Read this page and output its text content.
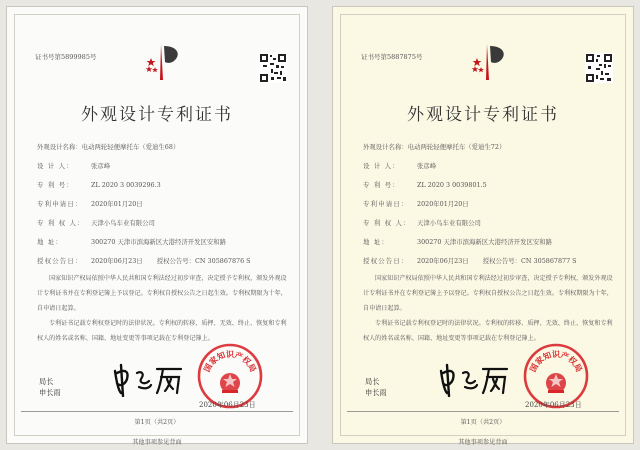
证书号第5899985号
外观设计专利证书
外观设计名称：电动两轮轻便摩托车（爱迪生68）
设 计 人：	张彦峰
专 利 号：	ZL 2020 3 0039296.3
专利申请日： 2020年01月20日
专 利 权 人： 天津小鸟车业有限公司
地 址：	300270 天津市滨海新区大港经济开发区安和路
授权公告日： 2020年06月23日 授权公告号：CN 305867876 S

国家知识产权局依照中华人民共和国专利法经过初步审查，决定授予专利权，颁发外观设计专利证书并在专利登记簿上予以登记。专利权自授权公告之日起生效。专利权期限为十年，自申请日起算。

专利证书记载专利权登记时的法律状况。专利权的转移、质押、无效、终止、恢复和专利权人的姓名或名称、国籍、地址变更等事项记载在专利登记簿上。

局长
申长雨
国家知识产权局
2020年06月23日
第1页（共2页）
其他事项参见背面
证书号第5887875号
外观设计专利证书
外观设计名称：电动两轮轻便摩托车（爱迪生72）
设 计 人：	张彦峰
专 利 号：	ZL 2020 3 0039801.5
专利申请日： 2020年01月20日
专 利 权 人： 天津小鸟车业有限公司
地 址：	300270 天津市滨海新区大港经济开发区安和路
授权公告日： 2020年06月23日 授权公告号：CN 305867877 S

国家知识产权局依照中华人民共和国专利法经过初步审查，决定授予专利权，颁发外观设计专利证书并在专利登记簿上予以登记。专利权自授权公告之日起生效。专利权期限为十年，自申请日起算。

专利证书记载专利权登记时的法律状况。专利权的转移、质押、无效、终止、恢复和专利权人的姓名或名称、国籍、地址变更等事项记载在专利登记簿上。

局长
申长雨
国家知识产权局
2020年06月23日
第1页（共2页）
其他事项参见背面
